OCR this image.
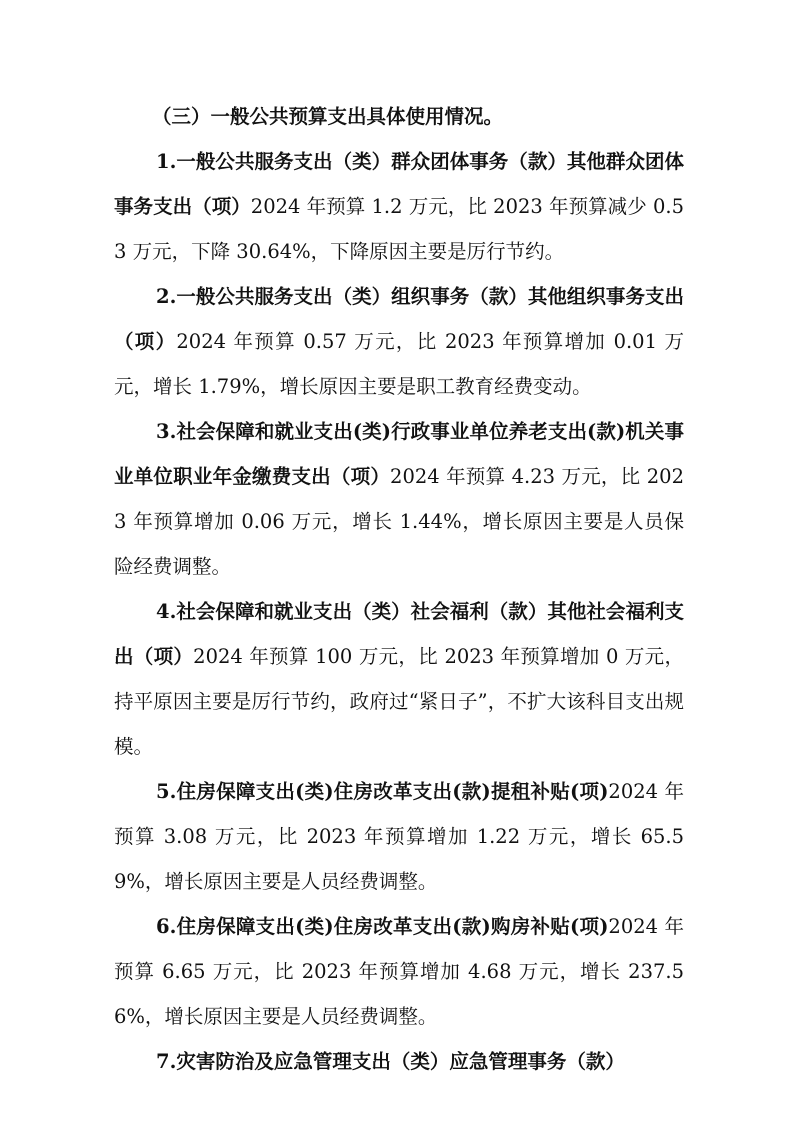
（三）一般公共预算支出具体使用情况。

1.一般公共服务支出（类）群众团体事务（款）其他群众团体事务支出（项）2024 年预算 1.2 万元，比 2023 年预算减少 0.53 万元，下降 30.64%，下降原因主要是厉行节约。

2.一般公共服务支出（类）组织事务（款）其他组织事务支出（项）2024 年预算 0.57 万元，比 2023 年预算增加 0.01 万元，增长 1.79%，增长原因主要是职工教育经费变动。

3.社会保障和就业支出(类)行政事业单位养老支出(款)机关事业单位职业年金缴费支出（项）2024 年预算 4.23 万元，比 2023 年预算增加 0.06 万元，增长 1.44%，增长原因主要是人员保险经费调整。

4.社会保障和就业支出（类）社会福利（款）其他社会福利支出（项）2024 年预算 100 万元，比 2023 年预算增加 0 万元，持平原因主要是厉行节约，政府过“紧日子”，不扩大该科目支出规模。

5.住房保障支出(类)住房改革支出(款)提租补贴(项)2024 年预算 3.08 万元，比 2023 年预算增加 1.22 万元，增长 65.59%，增长原因主要是人员经费调整。

6.住房保障支出(类)住房改革支出(款)购房补贴(项)2024 年预算 6.65 万元，比 2023 年预算增加 4.68 万元，增长 237.56%，增长原因主要是人员经费调整。

7.灾害防治及应急管理支出（类）应急管理事务（款）
